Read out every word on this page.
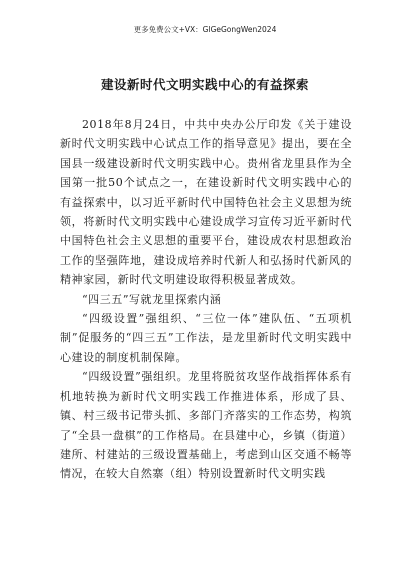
更多免费公文+VX：GlGeGongWen2024
建设新时代文明实践中心的有益探索

2018年8月24日，中共中央办公厅印发《关于建设新时代文明实践中心试点工作的指导意见》提出，要在全国县一级建设新时代文明实践中心。贵州省龙里县作为全国第一批50个试点之一，在建设新时代文明实践中心的有益探索中，以习近平新时代中国特色社会主义思想为统领，将新时代文明实践中心建设成学习宣传习近平新时代中国特色社会主义思想的重要平台，建设成农村思想政治工作的坚强阵地，建设成培养时代新人和弘扬时代新风的精神家园，新时代文明建设取得积极显著成效。

“四三五”写就龙里探索内涵

“四级设置”强组织、“三位一体”建队伍、“五项机制”促服务的“四三五”工作法，是龙里新时代文明实践中心建设的制度机制保障。

“四级设置”强组织。龙里将脱贫攻坚作战指挥体系有机地转换为新时代文明实践工作推进体系，形成了县、镇、村三级书记带头抓、多部门齐落实的工作态势，构筑了“全县一盘棋”的工作格局。在县建中心，乡镇（街道）建所、村建站的三级设置基础上，考虑到山区交通不畅等情况，在较大自然寨（组）特别设置新时代文明实践
